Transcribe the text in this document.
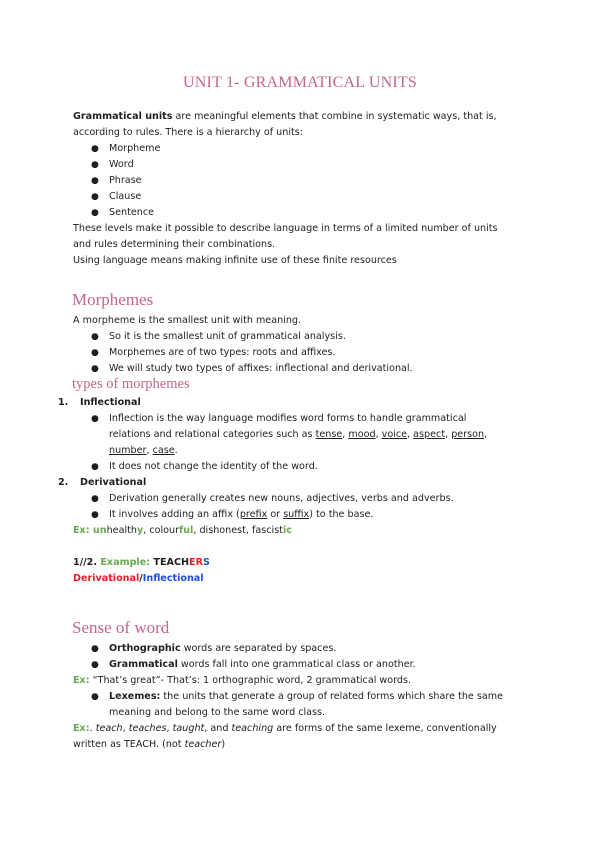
UNIT 1- GRAMMATICAL UNITS
Grammatical units are meaningful elements that combine in systematic ways, that is,
according to rules. There is a hierarchy of units:
● Morpheme
● Word
● Phrase
● Clause
● Sentence
These levels make it possible to describe language in terms of a limited number of units
and rules determining their combinations.
Using language means making infinite use of these finite resources
Morphemes
A morpheme is the smallest unit with meaning.
● So it is the smallest unit of grammatical analysis.
● Morphemes are of two types: roots and affixes.
● We will study two types of affixes: inflectional and derivational.
types of morphemes
1. Inflectional
● Inflection is the way language modifies word forms to handle grammatical
relations and relational categories such as tense, mood, voice, aspect, person,
number, case.
● It does not change the identity of the word.
2. Derivational
● Derivation generally creates new nouns, adjectives, verbs and adverbs.
● It involves adding an affix (prefix or suffix) to the base.
Ex: unhealthy, colourful, dishonest, fascistic
1//2. Example: TEACHERS
Derivational/Inflectional
Sense of word
● Orthographic words are separated by spaces.
● Grammatical words fall into one grammatical class or another.
Ex: “That’s great”- That’s: 1 orthographic word, 2 grammatical words.
● Lexemes: the units that generate a group of related forms which share the same
meaning and belong to the same word class.
Ex:. teach, teaches, taught, and teaching are forms of the same lexeme, conventionally
written as TEACH. (not teacher)
